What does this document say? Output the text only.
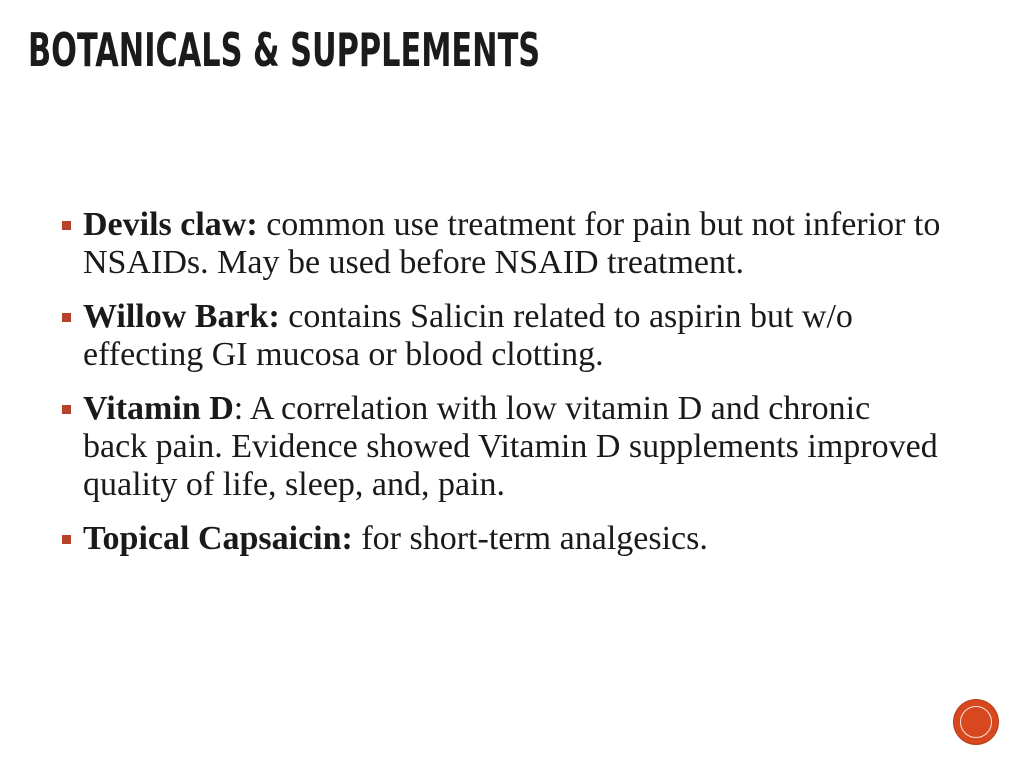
BOTANICALS & SUPPLEMENTS
Devils claw: common use treatment for pain but not inferior to NSAIDs. May be used before NSAID treatment.
Willow Bark: contains Salicin related to aspirin but w/o effecting GI mucosa or blood clotting.
Vitamin D: A correlation with low vitamin D and chronic back pain. Evidence showed Vitamin D supplements improved quality of life, sleep, and, pain.
Topical Capsaicin: for short-term analgesics.
